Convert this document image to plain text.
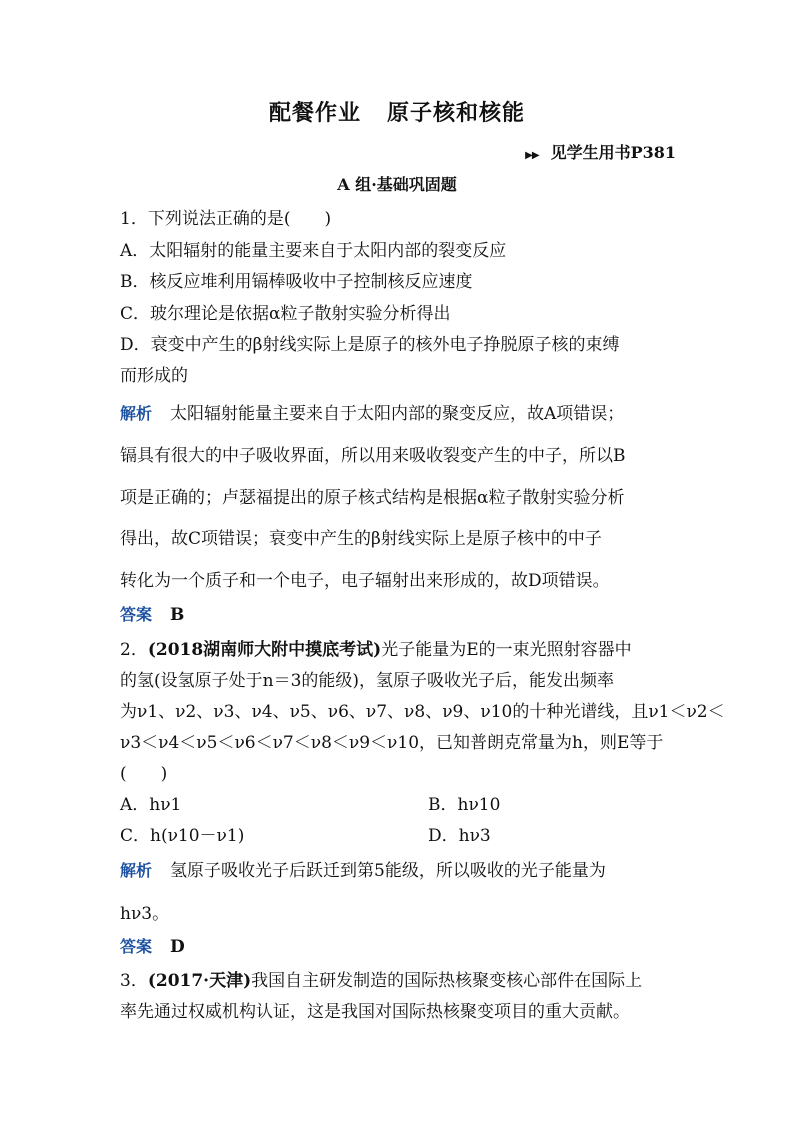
配餐作业 原子核和核能
▶▶ 见学生用书P381
A 组·基础巩固题
1．下列说法正确的是(　　)
A．太阳辐射的能量主要来自于太阳内部的裂变反应
B．核反应堆利用镉棒吸收中子控制核反应速度
C．玻尔理论是依据α粒子散射实验分析得出
D．衰变中产生的β射线实际上是原子的核外电子挣脱原子核的束缚
而形成的
解析 太阳辐射能量主要来自于太阳内部的聚变反应，故A项错误；
镉具有很大的中子吸收界面，所以用来吸收裂变产生的中子，所以B
项是正确的；卢瑟福提出的原子核式结构是根据α粒子散射实验分析
得出，故C项错误；衰变中产生的β射线实际上是原子核中的中子
转化为一个质子和一个电子，电子辐射出来形成的，故D项错误。
答案 B
2．(2018湖南师大附中摸底考试)光子能量为E的一束光照射容器中
的氢(设氢原子处于n＝3的能级)，氢原子吸收光子后，能发出频率
为ν1、ν2、ν3、ν4、ν5、ν6、ν7、ν8、ν9、ν10的十种光谱线，且ν1＜ν2＜
ν3＜ν4＜ν5＜ν6＜ν7＜ν8＜ν9＜ν10，已知普朗克常量为h，则E等于
(　　)
A．hν1	B．hν10
C．h(ν10－ν1)	D．hν3
解析 氢原子吸收光子后跃迁到第5能级，所以吸收的光子能量为
hν3。
答案 D
3．(2017·天津)我国自主研发制造的国际热核聚变核心部件在国际上
率先通过权威机构认证，这是我国对国际热核聚变项目的重大贡献。
